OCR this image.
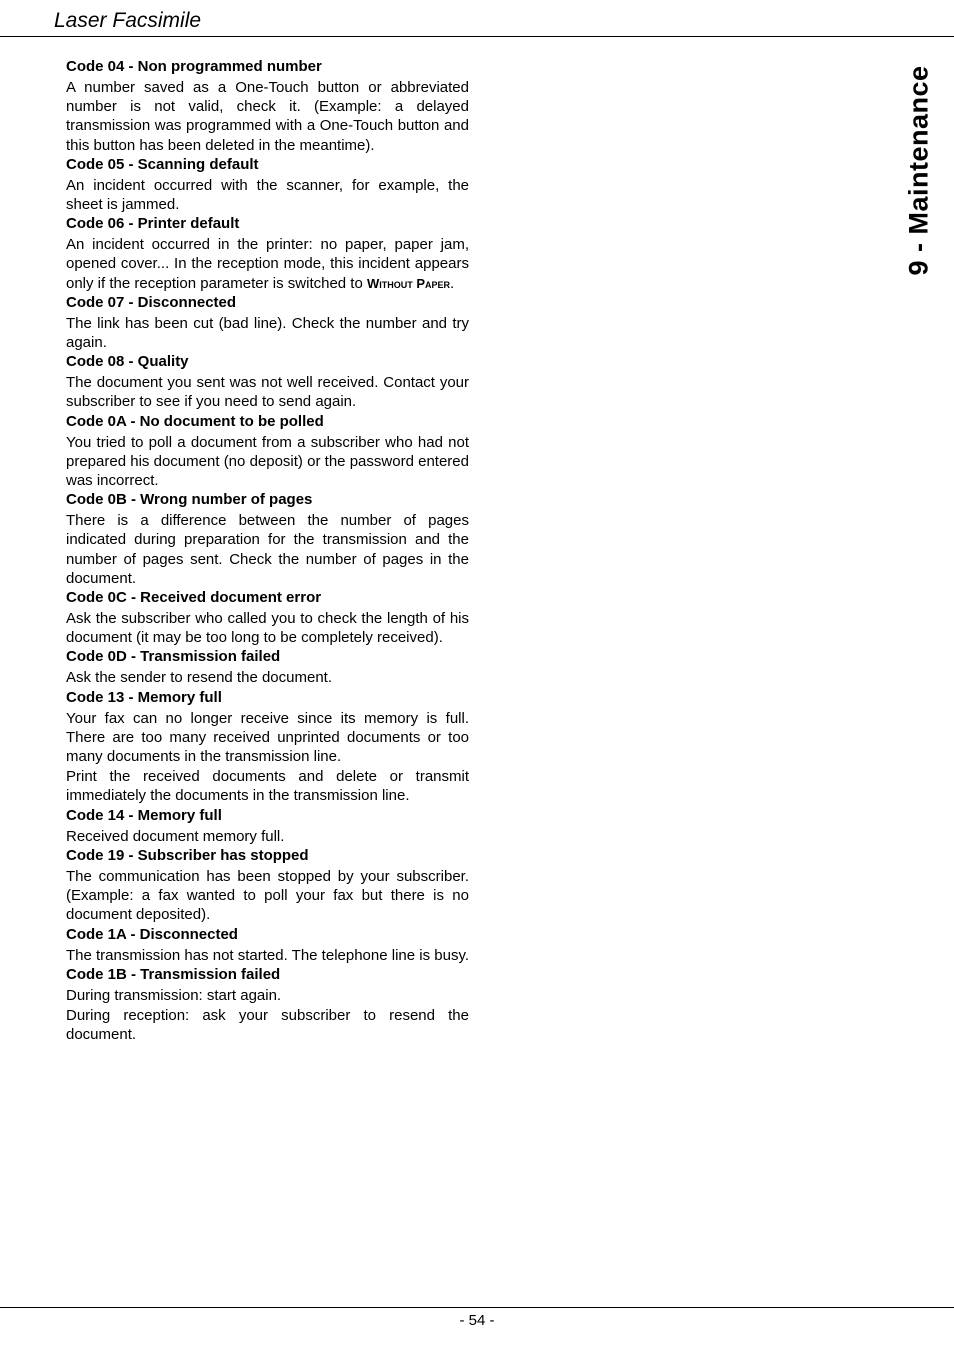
Laser Facsimile
9 - Maintenance
Code 04 - Non programmed number
A number saved as a One-Touch button or abbreviated number is not valid, check it. (Example: a delayed transmission was programmed with a One-Touch button and this button has been deleted in the meantime).
Code 05 - Scanning default
An incident occurred with the scanner, for example, the sheet is jammed.
Code 06 - Printer default
An incident occurred in the printer: no paper, paper jam, opened cover... In the reception mode, this incident appears only if the reception parameter is switched to Without Paper.
Code 07 - Disconnected
The link has been cut (bad line). Check the number and try again.
Code 08 - Quality
The document you sent was not well received. Contact your subscriber to see if you need to send again.
Code 0A - No document to be polled
You tried to poll a document from a subscriber who had not prepared his document (no deposit) or the password entered was incorrect.
Code 0B - Wrong number of pages
There is a difference between the number of pages indicated during preparation for the transmission and the number of pages sent. Check the number of pages in the document.
Code 0C - Received document error
Ask the subscriber who called you to check the length of his document (it may be too long to be completely received).
Code 0D - Transmission failed
Ask the sender to resend the document.
Code 13 - Memory full
Your fax can no longer receive since its memory is full. There are too many received unprinted documents or too many documents in the transmission line.
Print the received documents and delete or transmit immediately the documents in the transmission line.
Code 14 - Memory full
Received document memory full.
Code 19 - Subscriber has stopped
The communication has been stopped by your subscriber. (Example: a fax wanted to poll your fax but there is no document deposited).
Code 1A - Disconnected
The transmission has not started. The telephone line is busy.
Code 1B - Transmission failed
During transmission: start again.
During reception: ask your subscriber to resend the document.
- 54 -
